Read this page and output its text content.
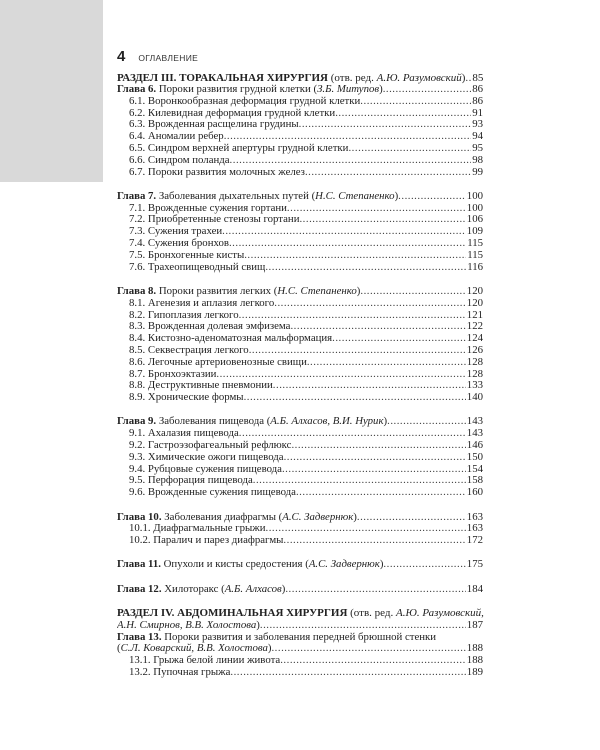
4 ОГЛАВЛЕНИЕ
РАЗДЕЛ III. ТОРАКАЛЬНАЯ ХИРУРГИЯ (отв. ред. А.Ю. Разумовский) ..... 85
Глава 6. Пороки развития грудной клетки (З.Б. Митупов) .....	86
6.1. Воронкообразная деформация грудной клетки .....	86
6.2. Килевидная деформация грудной клетки .....	91
6.3. Врожденная расщелина грудины .....	93
6.4. Аномалии ребер .....	94
6.5. Синдром верхней апертуры грудной клетки .....	95
6.6. Синдром поланда .....	98
6.7. Пороки развития молочных желез .....	99
Глава 7. Заболевания дыхательных путей (Н.С. Степаненко) .....	100
7.1. Врожденные сужения гортани .....	100
7.2. Приобретенные стенозы гортани .....	106
7.3. Сужения трахеи .....	109
7.4. Сужения бронхов .....	115
7.5. Бронхогенные кисты .....	115
7.6. Трахеопищеводный свищ .....	116
Глава 8. Пороки развития легких (Н.С. Степаненко) .....	120
8.1. Агенезия и аплазия легкого .....	120
8.2. Гипоплазия легкого .....	121
8.3. Врожденная долевая эмфизема .....	122
8.4. Кистозно-аденоматозная мальформация .....	124
8.5. Секвестрация легкого .....	126
8.6. Легочные артериовенозные свищи .....	128
8.7. Бронхоэктазии .....	128
8.8. Деструктивные пневмонии .....	133
8.9. Хронические формы .....	140
Глава 9. Заболевания пищевода (А.Б. Алхасов, В.И. Нурик) .....	143
9.1. Ахалазия пищевода .....	143
9.2. Гастроэзофагеальный рефлюкс .....	146
9.3. Химические ожоги пищевода .....	150
9.4. Рубцовые сужения пищевода .....	154
9.5. Перфорация пищевода .....	158
9.6. Врожденные сужения пищевода .....	160
Глава 10. Заболевания диафрагмы (А.С. Задвернюк) .....	163
10.1. Диафрагмальные грыжи .....	163
10.2. Паралич и парез диафрагмы .....	172
Глава 11. Опухоли и кисты средостения (А.С. Задвернюк) .....	175
Глава 12. Хилоторакс (А.Б. Алхасов) .....	184
РАЗДЕЛ IV. АБДОМИНАЛЬНАЯ ХИРУРГИЯ (отв. ред. А.Ю. Разумовский,
А.Н. Смирнов, В.В. Холостова) .....	187
Глава 13. Пороки развития и заболевания передней брюшной стенки
(С.Л. Коварский, В.В. Холостова) .....	188
13.1. Грыжа белой линии живота .....	188
13.2. Пупочная грыжа .....	189
